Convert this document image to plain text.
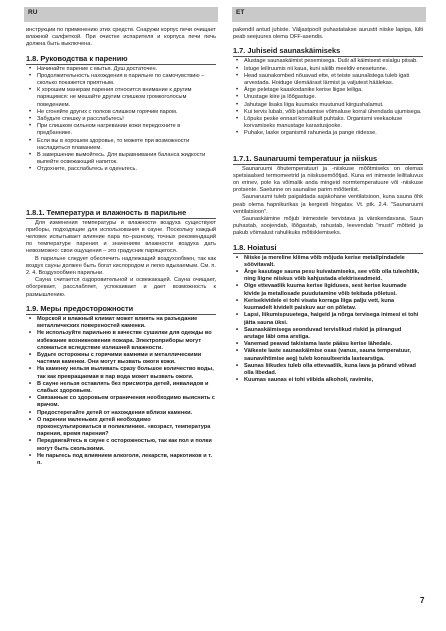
RU	ET

инструкции по применению этих средств. Снаружи корпус печи очищает влажной салфеткой. При очистке испарителя и корпуса печи печь должна быть выключена.

1.8. Руководства к парению
• Начинайте парение с мытья. Душ достаточен.
• Продолжительность нахождения в парильне по самочувствию – сколько покажется приятным.
• К хорошим манерам парения относится внимание к другим парящимся: не мешайте другим слишком громкоголосым поведением.
• Не сгоняйте других с полков слишком горячим паром.
• Забудьте спешку и расслабьтесь!
• При слишком сильном нагревании кожи передохните в предбаннике.
• Если вы в хорошем здоровье, то можете при возможности насладиться плаванием.
• В завершение вымойтесь. Для выравнивания баланса жидкости выпейте освежающий напиток.
• Отдохните, расслабьтесь и оденьтесь.
1.8.1. Температура и влажность в парильне

Для изменения температуры и влажности воздуха существуют приборы, подходящие для использования в сауне. Поскольку каждый человек испытывает влияние пара по–разному, точных рекомендаций по температуре парения и значениям влажности воздуха дать невозможно: свои ощущения – это градусник парящегося.

В парильне следует обеспечить надлежащий воздухообмен, так как воздух сауны должен быть богат кислородом и легко вдыхаемым. См. п. 2. 4. Воздухообмен парильни.

Сауна считается оздоровительной и освежающей. Сауна очищает, обогревает, расслабляет, успокаивает и дает возможность к размышлению.

1.9. Меры предосторожности
• Морской и влажный климат может влиять на разъедание металлических поверхностей каменки.
• Не используйте парильню в качестве сушилки для одежды во избежание возникновения пожара. Электроприборы могут сломаться вследствие излишней влажности.
• Будьте осторожны с горячими камнями и металлическими частями каменки. Они могут вызвать ожоги кожи.
• На каменку нельзя выливать сразу большое количество воды, так как превращаемая в пар вода может вызвать ожоги.
• В сауне нельзя оставлять без присмотра детей, инвалидов и слабых здоровьем.
• Связанные со здоровьем ограничения необходимо выяснить с врачом.
• Предостерегайте детей от нахождения вблизи каменки.
• О парении маленьких детей необходимо проконсультироваться в поликлинике. «возраст, температура парения, время парения?
• Передвигайтесь в сауне с осторожностью, так как пол и полки могут быть скользкими.
• Не парьтесь под влиянием алкоголя, лекарств, наркотиков и т. п.

pakendil antud juhiste. Väljastpoolt puhastatakse aurustit niiske lapiga, lülti peab seejuures olema OFF-asendis.

1.7. Juhiseid saunaskäimiseks
• Alustage saunaskäimist pesemisega. Duši all käimisest esialgu piisab.
• Istuge leiliruumis nii kaua, kuni säilib meeldiv enesetunne.
• Head saunakombed nõuavad ette, et teiste saunalistega tuleb igati arvestada. Hoiduge ülemäärast lärmist ja valjutest häälekas.
• Ärge peletage kaaskodanike kerise liigse leiliga.
• Unustage kiire ja lõõgastuge.
• Jahutage lisaks liiga kuumaks muutunud kiirgushalamut.
• Kui tervis lubab, võib jahutamise võimaluse korral ühendada ujumisega.
• Lõpuks peske ennast korralikult puhtaks. Organismi veekaotuse korvamiseks manustage karastusjooke.
• Puhake, laske organismil rahuneda ja pange riidesse.
1.7.1. Saunaruumi temperatuur ja niiskus

Saunaruumi õhutemperatuuri ja -niiskuse mõõtmiseks on olemas spetsiaalsed termomeetrid ja niiskusemõõtjad. Kuna eri inimeste leilitaluvus on erinev, pole ka võimalik anda mingeid normtemperatuure või -niiskuse protsente. Saetunne on saunalise parim mõõteriist.

Saunaruumi tuleb paigaldada asjakohane ventilatsioon, kuna sauna õhk peab olema hapnikurikas ja kergesti hingatav. Vt. ptk. 2.4. "Saunaruumi ventilatsioon".

Saunaskäimine mõjub inimestele tervistava ja värskendavana. Saun puhastab, soojendab, lõõgastab, rahustab, leevendab "musti" mõtteid ja pakub võimalust rahulikuks mõtisklemiseks.

1.8. Hoiatusi
• Niiske ja mereline kliima võib mõjuda kerise metallpindadele söövitavalt.
• Ärge kasutage sauna pesu kuivatamiseks, see võib olla tuleohtlik, ning liigne niiskus võib kahjustada elektriseadmeid.
• Olge ettevaatlik kuuma kerise ligiduses, sest kerise kuumade kivide ja metallosade puudutamine võib tekitada põletusi.
• Kerisekividele ei tohi visata korraga liiga palju vett, kuna kuumadelt kividelt paiskuv aur on põletav.
• Lapsi, liikumispuuetega, haigeid ja nõrga tervisega inimesi ei tohi jätta sauna üksi.
• Saunaskäimisega seonduvad tervislikud riskid ja piirangud arutage läbi oma arstiga.
• Vanemad peavad takistama laste pääsu kerise lähedale.
• Väikeste laste saunaskäimise osas (vanus, sauna temperatuur, saunavihtimise aeg) tuleb konsulteerida lastearstiga.
• Saunas liikudes tuleb olla ettevaatlik, kuna lava ja põrand võivad olla libedad.
• Kuumas saunas ei tohi viibida alkoholi, ravimite,
7
